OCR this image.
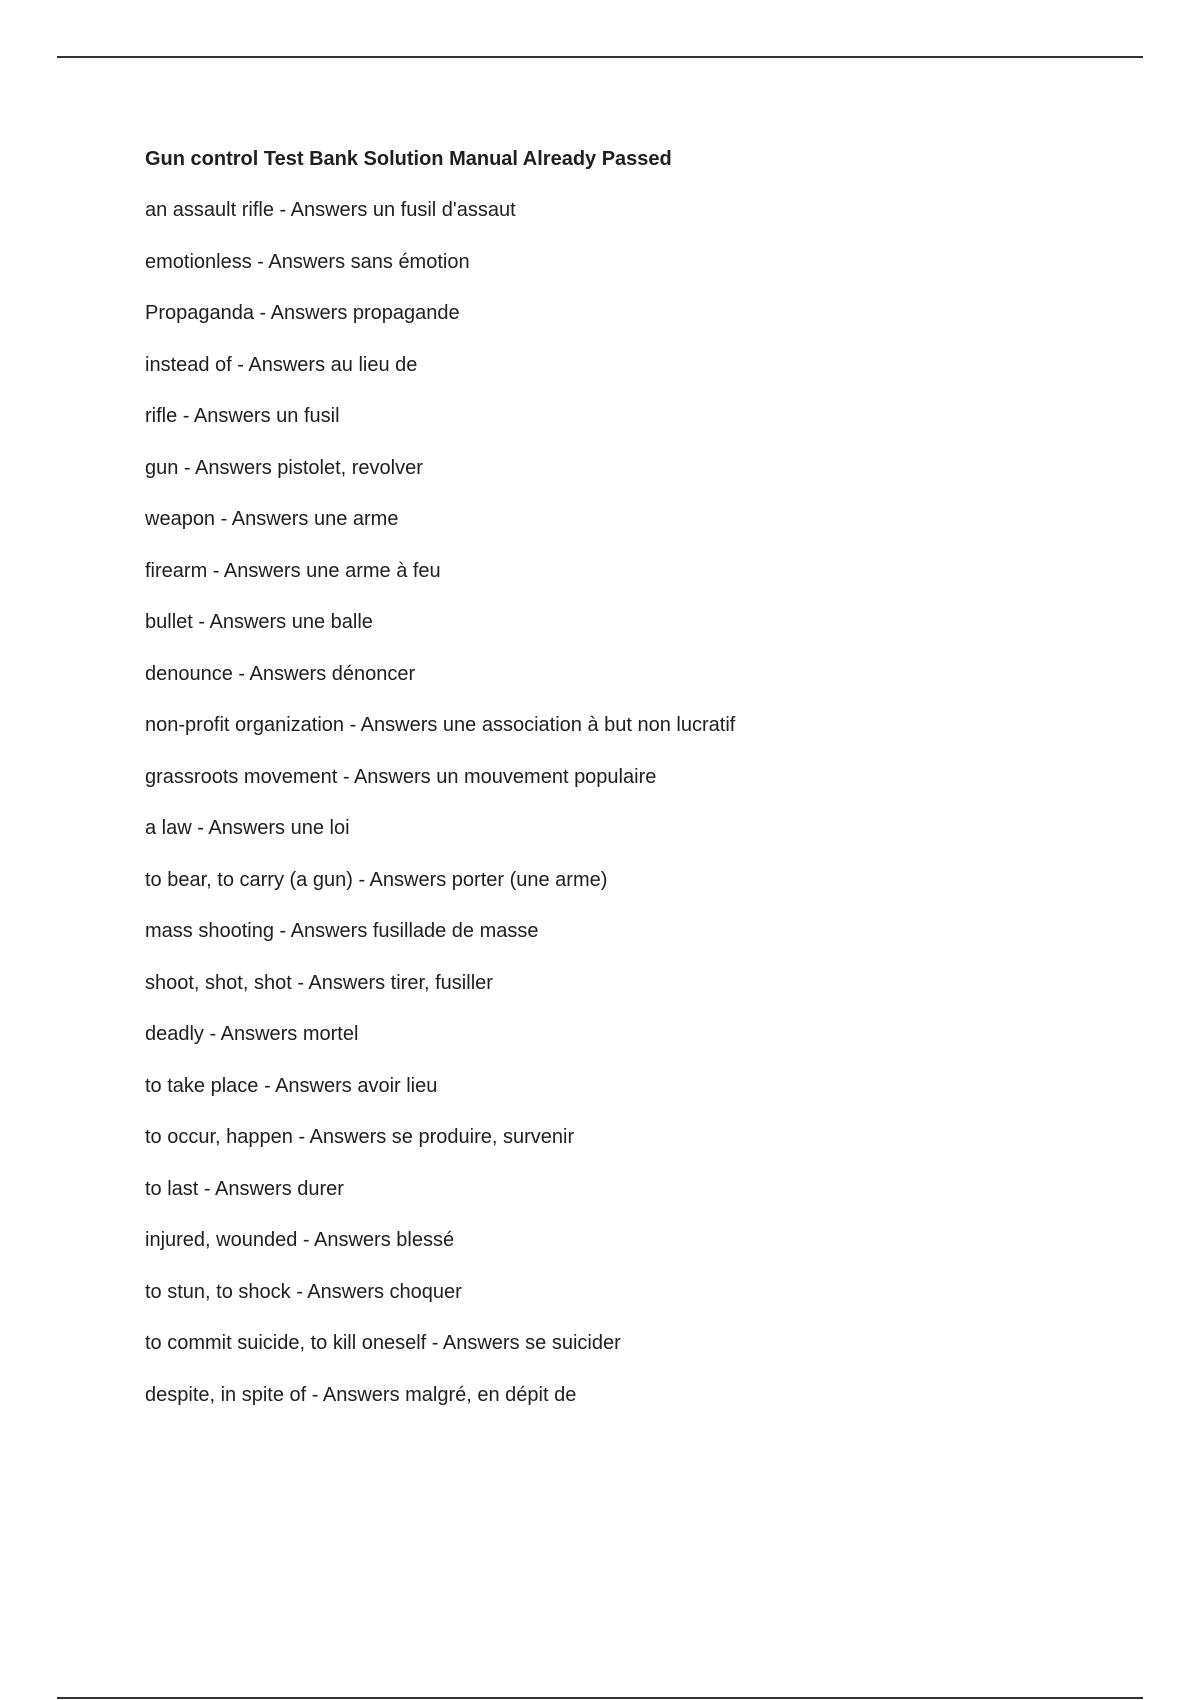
Gun control Test Bank Solution Manual Already Passed
an assault rifle - Answers un fusil d'assaut
emotionless - Answers sans émotion
Propaganda - Answers propagande
instead of - Answers au lieu de
rifle - Answers un fusil
gun - Answers pistolet, revolver
weapon - Answers une arme
firearm - Answers une arme à feu
bullet - Answers une balle
denounce - Answers dénoncer
non-profit organization - Answers une association à but non lucratif
grassroots movement - Answers un mouvement populaire
a law - Answers une loi
to bear, to carry (a gun) - Answers porter (une arme)
mass shooting - Answers fusillade de masse
shoot, shot, shot - Answers tirer, fusiller
deadly - Answers mortel
to take place - Answers avoir lieu
to occur, happen - Answers se produire, survenir
to last - Answers durer
injured, wounded - Answers blessé
to stun, to shock - Answers choquer
to commit suicide, to kill oneself - Answers se suicider
despite, in spite of - Answers malgré, en dépit de
